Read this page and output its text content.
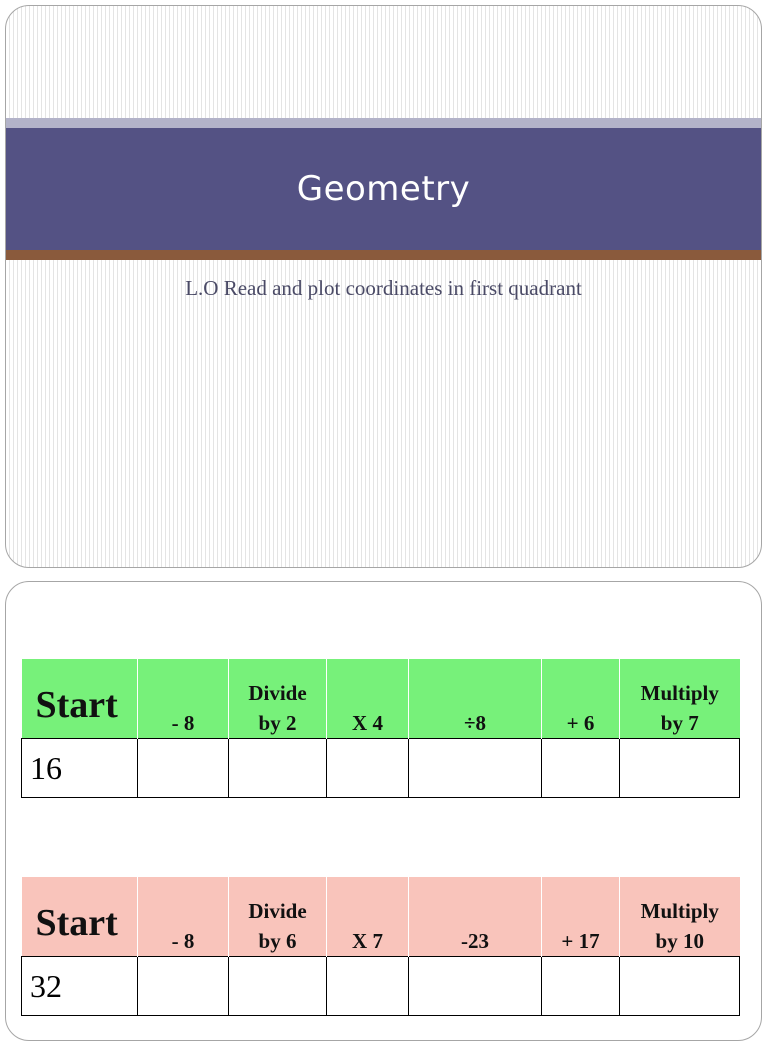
Geometry
L.O Read and plot coordinates in first quadrant
Start	- 8	Divide by 2	X 4	÷8	+ 6	Multiply by 7
16						
Start	- 8	Divide by 6	X 7	-23	+ 17	Multiply by 10
32						
